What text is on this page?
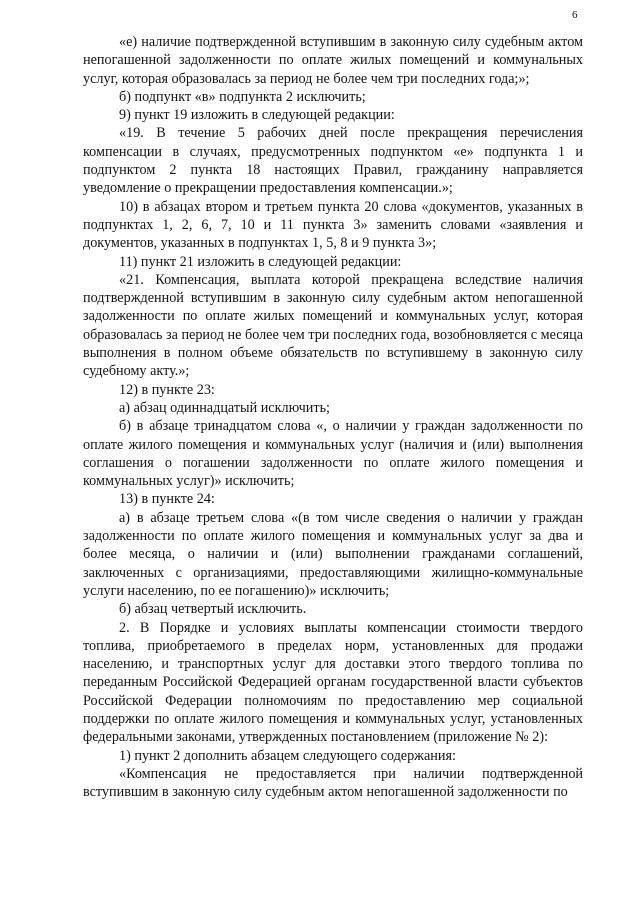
6

«е) наличие подтвержденной вступившим в законную силу судебным актом непогашенной задолженности по оплате жилых помещений и коммунальных услуг, которая образовалась за период не более чем три последних года;»;

б) подпункт «в» подпункта 2 исключить;

9) пункт 19 изложить в следующей редакции:

«19. В течение 5 рабочих дней после прекращения перечисления компенсации в случаях, предусмотренных подпунктом «е» подпункта 1 и подпунктом 2 пункта 18 настоящих Правил, гражданину направляется уведомление о прекращении предоставления компенсации.»;

10) в абзацах втором и третьем пункта 20 слова «документов, указанных в подпунктах 1, 2, 6, 7, 10 и 11 пункта 3» заменить словами «заявления и документов, указанных в подпунктах 1, 5, 8 и 9 пункта 3»;

11) пункт 21 изложить в следующей редакции:

«21. Компенсация, выплата которой прекращена вследствие наличия подтвержденной вступившим в законную силу судебным актом непогашенной задолженности по оплате жилых помещений и коммунальных услуг, которая образовалась за период не более чем три последних года, возобновляется с месяца выполнения в полном объеме обязательств по вступившему в законную силу судебному акту.»;

12) в пункте 23:

а) абзац одиннадцатый исключить;

б) в абзаце тринадцатом слова «, о наличии у граждан задолженности по оплате жилого помещения и коммунальных услуг (наличия и (или) выполнения соглашения о погашении задолженности по оплате жилого помещения и коммунальных услуг)» исключить;

13) в пункте 24:

а) в абзаце третьем слова «(в том числе сведения о наличии у граждан задолженности по оплате жилого помещения и коммунальных услуг за два и более месяца, о наличии и (или) выполнении гражданами соглашений, заключенных с организациями, предоставляющими жилищно-коммунальные услуги населению, по ее погашению)» исключить;

б) абзац четвертый исключить.

2. В Порядке и условиях выплаты компенсации стоимости твердого топлива, приобретаемого в пределах норм, установленных для продажи населению, и транспортных услуг для доставки этого твердого топлива по переданным Российской Федерацией органам государственной власти субъектов Российской Федерации полномочиям по предоставлению мер социальной поддержки по оплате жилого помещения и коммунальных услуг, установленных федеральными законами, утвержденных постановлением (приложение № 2):

1) пункт 2 дополнить абзацем следующего содержания:

«Компенсация не предоставляется при наличии подтвержденной вступившим в законную силу судебным актом непогашенной задолженности по
